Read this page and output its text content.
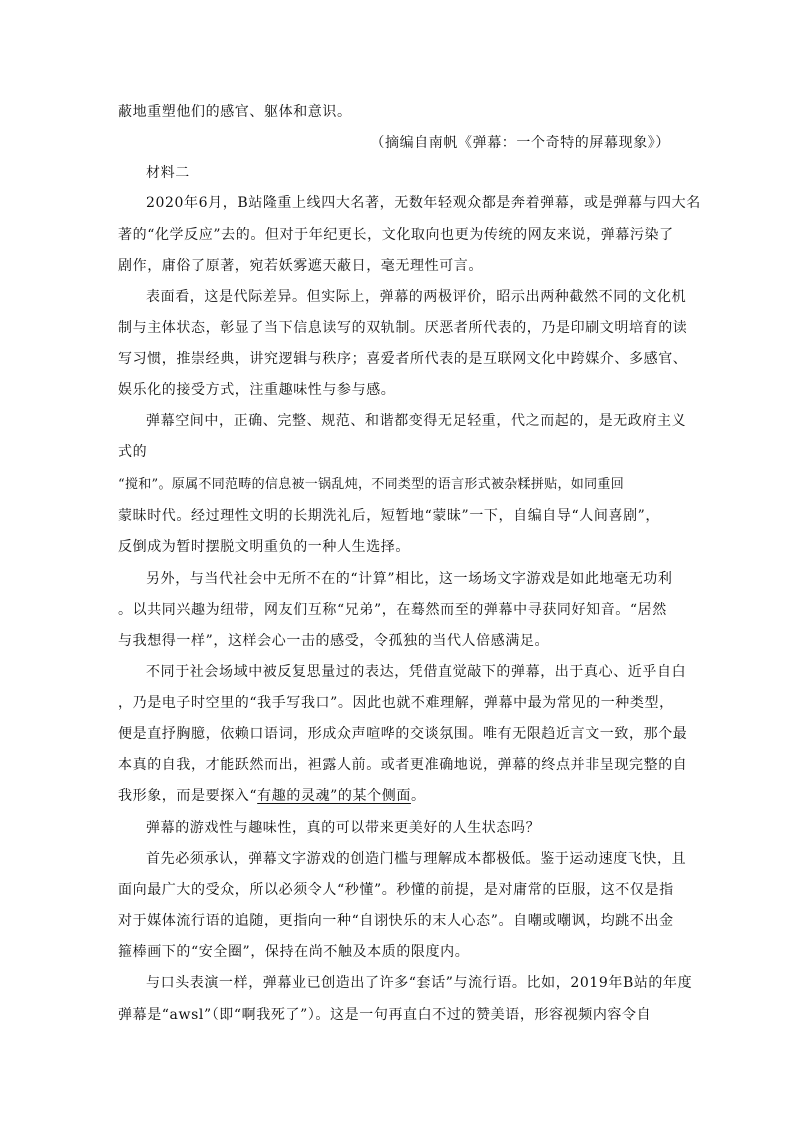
蔽地重塑他们的感官、躯体和意识。
（摘编自南帆《弹幕：一个奇特的屏幕现象》）
材料二
2020年6月，B站隆重上线四大名著，无数年轻观众都是奔着弹幕，或是弹幕与四大名
著的“化学反应”去的。但对于年纪更长，文化取向也更为传统的网友来说，弹幕污染了
剧作，庸俗了原著，宛若妖雾遮天蔽日，毫无理性可言。
表面看，这是代际差异。但实际上，弹幕的两极评价，昭示出两种截然不同的文化机
制与主体状态，彰显了当下信息读写的双轨制。厌恶者所代表的，乃是印刷文明培育的读
写习惯，推崇经典，讲究逻辑与秩序；喜爱者所代表的是互联网文化中跨媒介、多感官、
娱乐化的接受方式，注重趣味性与参与感。
弹幕空间中，正确、完整、规范、和谐都变得无足轻重，代之而起的，是无政府主义
式的
“搅和”。原属不同范畴的信息被一锅乱炖，不同类型的语言形式被杂糅拼贴，如同重回
蒙昧时代。经过理性文明的长期洗礼后，短暂地“蒙昧”一下，自编自导“人间喜剧”，
反倒成为暂时摆脱文明重负的一种人生选择。
另外，与当代社会中无所不在的“计算”相比，这一场场文字游戏是如此地毫无功利
。以共同兴趣为纽带，网友们互称“兄弟”，在蓦然而至的弹幕中寻获同好知音。“居然
与我想得一样”，这样会心一击的感受，令孤独的当代人倍感满足。
不同于社会场域中被反复思量过的表达，凭借直觉敲下的弹幕，出于真心、近乎自白
，乃是电子时空里的“我手写我口”。因此也就不难理解，弹幕中最为常见的一种类型，
便是直抒胸臆，依赖口语词，形成众声喧哗的交谈氛围。唯有无限趋近言文一致，那个最
本真的自我，才能跃然而出，袒露人前。或者更准确地说，弹幕的终点并非呈现完整的自
我形象，而是要探入“有趣的灵魂”的某个侧面。
弹幕的游戏性与趣味性，真的可以带来更美好的人生状态吗？
首先必须承认，弹幕文字游戏的创造门槛与理解成本都极低。鉴于运动速度飞快，且
面向最广大的受众，所以必须令人“秒懂”。秒懂的前提，是对庸常的臣服，这不仅是指
对于媒体流行语的追随，更指向一种“自诩快乐的末人心态”。自嘲或嘲讽，均跳不出金
箍棒画下的“安全圈”，保持在尚不触及本质的限度内。
与口头表演一样，弹幕业已创造出了许多“套话”与流行语。比如，2019年B站的年度
弹幕是“awsl”（即“啊我死了”）。这是一句再直白不过的赞美语，形容视频内容令自
